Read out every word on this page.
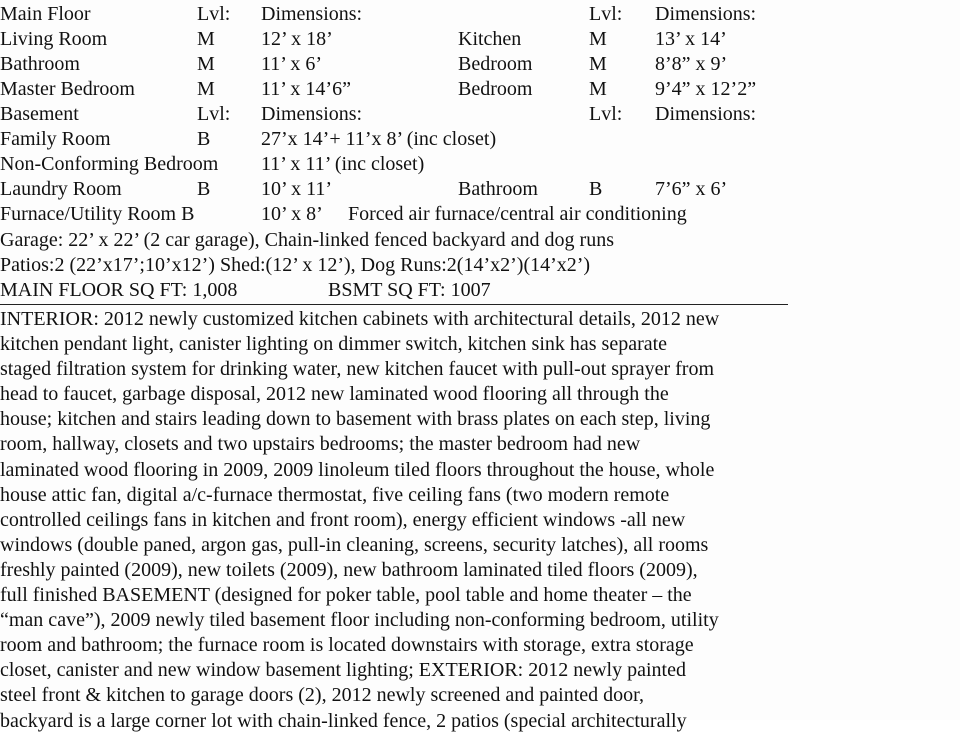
Main Floor	Lvl: Dimensions:	Lvl: Dimensions:
Living Room	M 12’ x 18’	Kitchen	M 13’ x 14’
Bathroom	M 11’ x 6’	Bedroom	M 8’8” x 9’
Master Bedroom	M 11’ x 14’6”	Bedroom	M 9’4” x 12’2”
Basement	Lvl: Dimensions:	Lvl: Dimensions:
Family Room	B	27’x 14’+ 11’x 8’ (inc closet)
Non-Conforming Bedroom 11’ x 11’ (inc closet)
Laundry Room	B	10’ x 11’	Bathroom	B	7’6” x 6’
Furnace/Utility Room B	10’ x 8’ Forced air furnace/central air conditioning
Garage: 22’ x 22’ (2 car garage), Chain-linked fenced backyard and dog runs
Patios:2 (22’x17’;10’x12’) Shed:(12’ x 12’), Dog Runs:2(14’x2’)(14’x2’)
MAIN FLOOR SQ FT: 1,008	BSMT SQ FT: 1007
INTERIOR: 2012 newly customized kitchen cabinets with architectural details, 2012 new
kitchen pendant light, canister lighting on dimmer switch, kitchen sink has separate
staged filtration system for drinking water, new kitchen faucet with pull-out sprayer from
head to faucet, garbage disposal, 2012 new laminated wood flooring all through the
house; kitchen and stairs leading down to basement with brass plates on each step, living
room, hallway, closets and two upstairs bedrooms; the master bedroom had new
laminated wood flooring in 2009, 2009 linoleum tiled floors throughout the house, whole
house attic fan, digital a/c-furnace thermostat, five ceiling fans (two modern remote
controlled ceilings fans in kitchen and front room), energy efficient windows -all new
windows (double paned, argon gas, pull-in cleaning, screens, security latches), all rooms
freshly painted (2009), new toilets (2009), new bathroom laminated tiled floors (2009),
full finished BASEMENT (designed for poker table, pool table and home theater – the
“man cave”), 2009 newly tiled basement floor including non-conforming bedroom, utility
room and bathroom; the furnace room is located downstairs with storage, extra storage
closet, canister and new window basement lighting; EXTERIOR: 2012 newly painted
steel front & kitchen to garage doors (2), 2012 newly screened and painted door,
backyard is a large corner lot with chain-linked fence, 2 patios (special architecturally
